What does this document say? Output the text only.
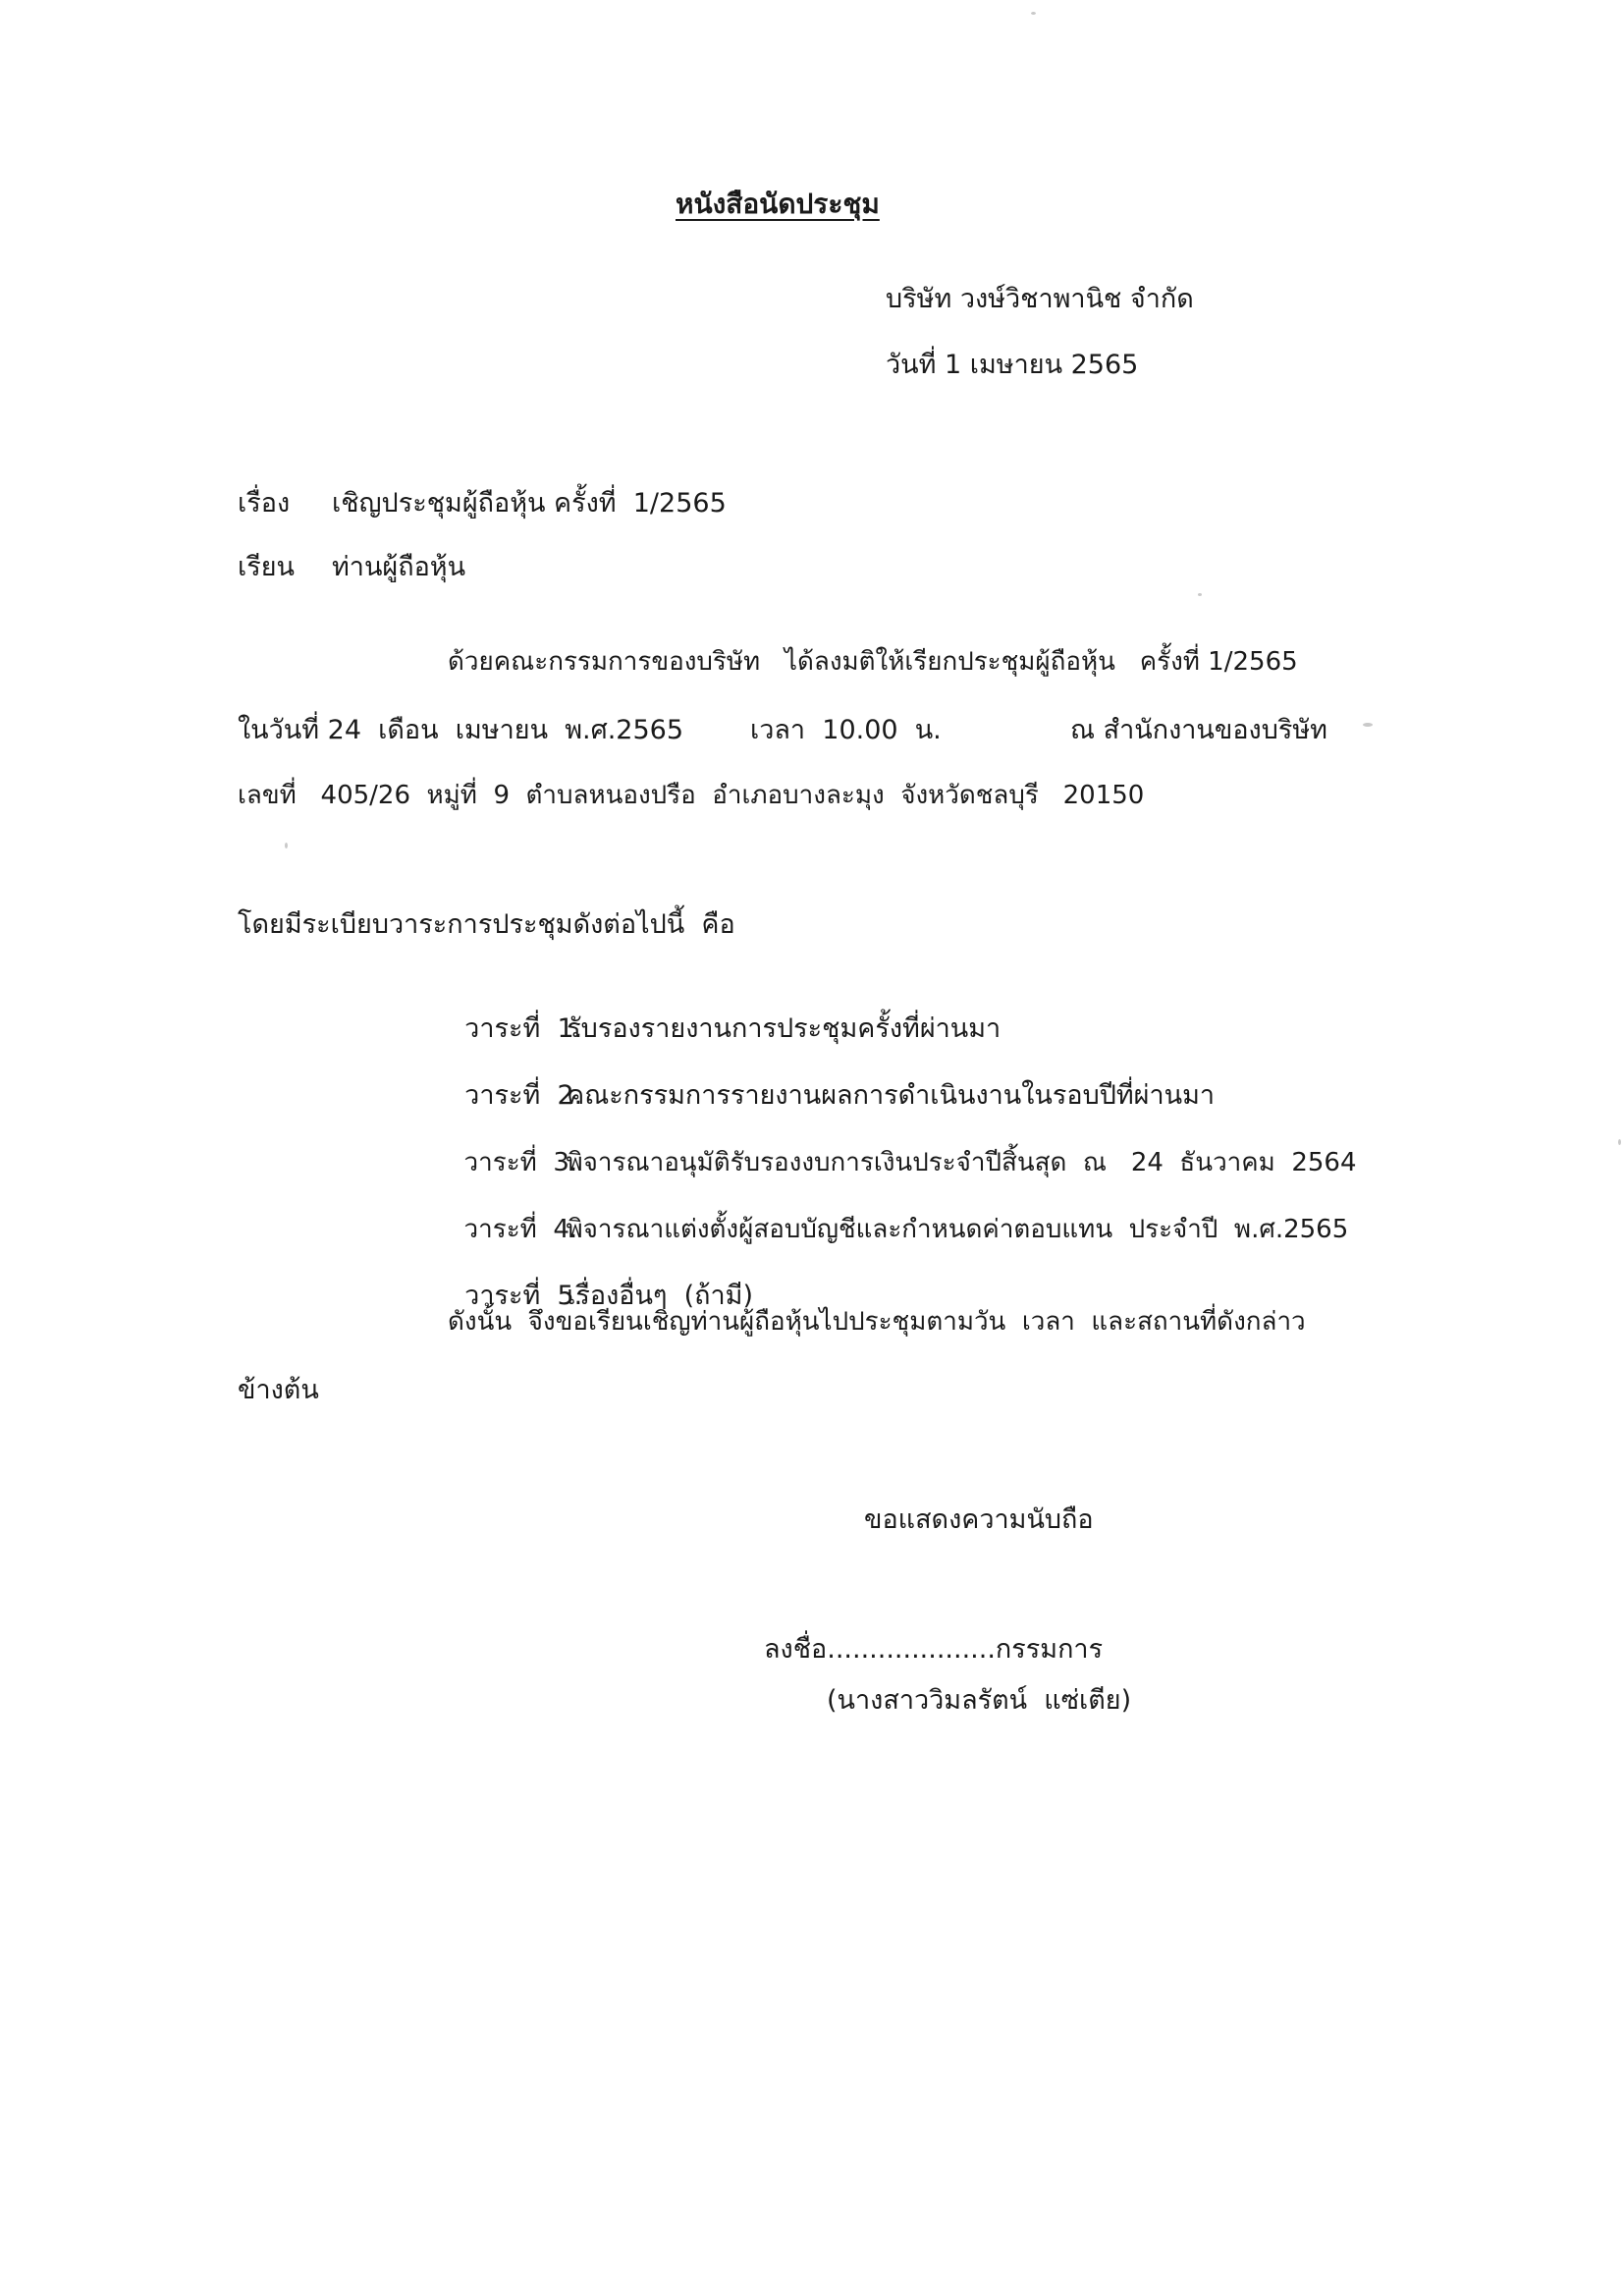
หนังสือนัดประชุม

บริษัท วงษ์วิชาพานิช จำกัด

วันที่ 1 เมษายน 2565

เรื่อง เชิญประชุมผู้ถือหุ้น ครั้งที่  1/2565

เรียน ท่านผู้ถือหุ้น

ด้วยคณะกรรมการของบริษัท   ได้ลงมติให้เรียกประชุมผู้ถือหุ้น   ครั้งที่ 1/2565

ในวันที่ 24  เดือน  เมษายน  พ.ศ.2565	เวลา  10.00  น.	ณ สำนักงานของบริษัท

เลขที่   405/26  หมู่ที่  9  ตำบลหนองปรือ  อำเภอบางละมุง  จังหวัดชลบุรี   20150

โดยมีระเบียบวาระการประชุมดังต่อไปนี้  คือ

วาระที่  1.รับรองรายงานการประชุมครั้งที่ผ่านมา

วาระที่  2.คณะกรรมการรายงานผลการดำเนินงานในรอบปีที่ผ่านมา

วาระที่  3.พิจารณาอนุมัติรับรองงบการเงินประจำปีสิ้นสุด  ณ   24  ธันวาคม  2564

วาระที่  4.พิจารณาแต่งตั้งผู้สอบบัญชีและกำหนดค่าตอบแทน  ประจำปี  พ.ศ.2565

วาระที่  5.เรื่องอื่นๆ  (ถ้ามี)

ดังนั้น  จึงขอเรียนเชิญท่านผู้ถือหุ้นไปประชุมตามวัน  เวลา  และสถานที่ดังกล่าว

ข้างต้น

ขอแสดงความนับถือ

ลงชื่อ....................กรรมการ

(นางสาววิมลรัตน์  แซ่เตีย)
